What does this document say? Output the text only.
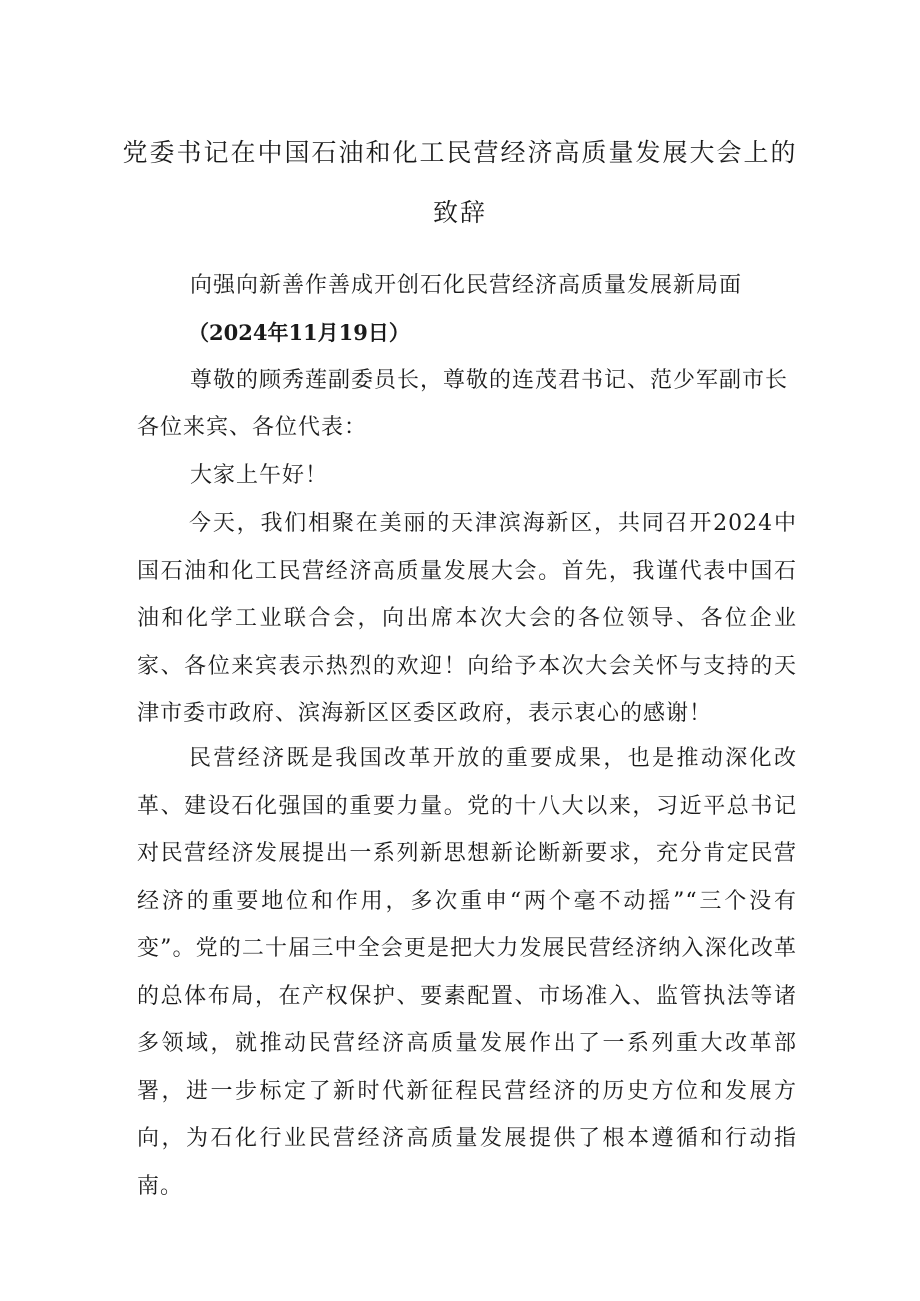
党委书记在中国石油和化工民营经济高质量发展大会上的
致辞
向强向新善作善成开创石化民营经济高质量发展新局面
（2024年11月19日）
尊敬的顾秀莲副委员长，尊敬的连茂君书记、范少军副市长
各位来宾、各位代表：
大家上午好！

今天，我们相聚在美丽的天津滨海新区，共同召开2024中国石油和化工民营经济高质量发展大会。首先，我谨代表中国石油和化学工业联合会，向出席本次大会的各位领导、各位企业家、各位来宾表示热烈的欢迎！向给予本次大会关怀与支持的天津市委市政府、滨海新区区委区政府，表示衷心的感谢！

民营经济既是我国改革开放的重要成果，也是推动深化改革、建设石化强国的重要力量。党的十八大以来，习近平总书记对民营经济发展提出一系列新思想新论断新要求，充分肯定民营经济的重要地位和作用，多次重申“两个毫不动摇”“三个没有变”。党的二十届三中全会更是把大力发展民营经济纳入深化改革的总体布局，在产权保护、要素配置、市场准入、监管执法等诸多领域，就推动民营经济高质量发展作出了一系列重大改革部署，进一步标定了新时代新征程民营经济的历史方位和发展方向，为石化行业民营经济高质量发展提供了根本遵循和行动指南。
